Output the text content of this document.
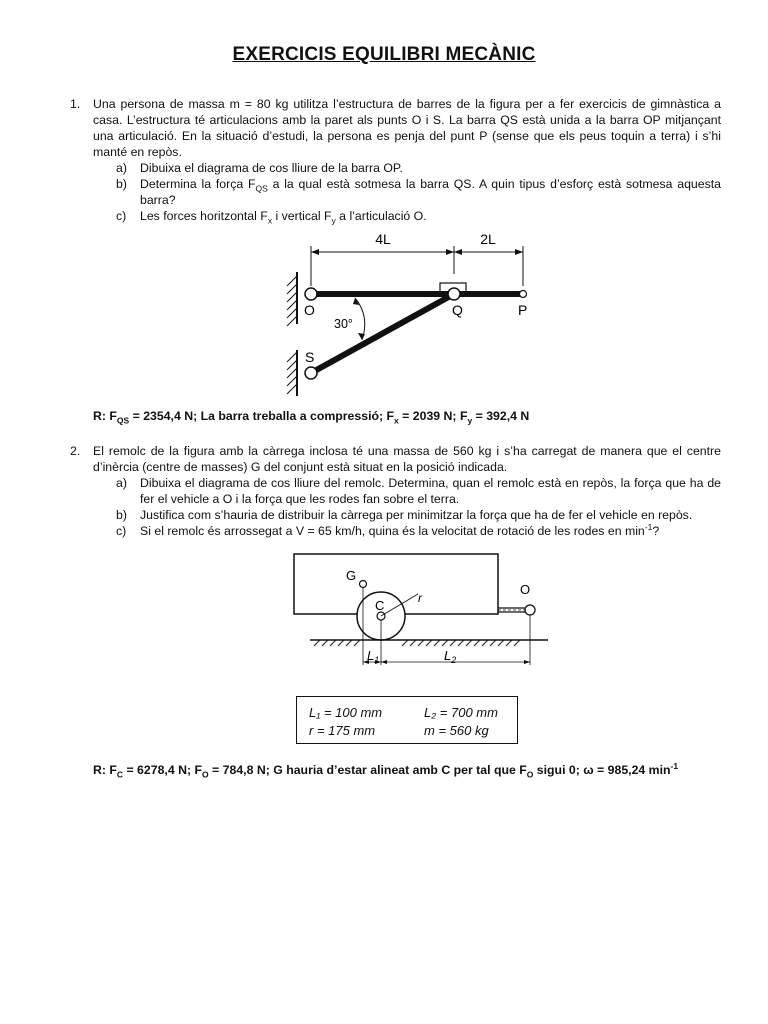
EXERCICIS EQUILIBRI MECÀNIC
1. Una persona de massa m = 80 kg utilitza l’estructura de barres de la figura per a fer exercicis de gimnàstica a casa. L’estructura té articulacions amb la paret als punts O i S. La barra QS està unida a la barra OP mitjançant una articulació. En la situació d’estudi, la persona es penja del punt P (sense que els peus toquin a terra) i s’hi manté en repòs.
a) Dibuixa el diagrama de cos lliure de la barra OP.
b) Determina la força $F_{QS}$ a la qual està sotmesa la barra QS. A quin tipus d’esforç està sotmesa aquesta barra?
c) Les forces horitzontal $F_x$ i vertical $F_y$ a l’articulació O.
4L	2L
30°
O	Q	P
S
R: $F_{QS} = 2354,4$ N; La barra treballa a compressió; $F_x = 2039$ N; $F_y = 392,4$ N
2. El remolc de la figura amb la càrrega inclosa té una massa de 560 kg i s’ha carregat de manera que el centre d’inèrcia (centre de masses) G del conjunt està situat en la posició indicada.
a) Dibuixa el diagrama de cos lliure del remolc. Determina, quan el remolc està en repòs, la força que ha de fer el vehicle a O i la força que les rodes fan sobre el terra.
b) Justifica com s’hauria de distribuir la càrrega per minimitzar la força que ha de fer el vehicle en repòs.
c) Si el remolc és arrossegat a V = 65 km/h, quina és la velocitat de rotació de les rodes en $\min^{-1}$?
O
r
C
G
$L_1$	$L_2$
L₁ = 100 mm	L₂ = 700 mm
r = 175 mm	m = 560 kg
R: $F_C = 6278,4$ N; $F_O = 784,8$ N; G hauria d’estar alineat amb C per tal que $F_O$ sigui 0; ω = 985,24 $\min^{-1}$
